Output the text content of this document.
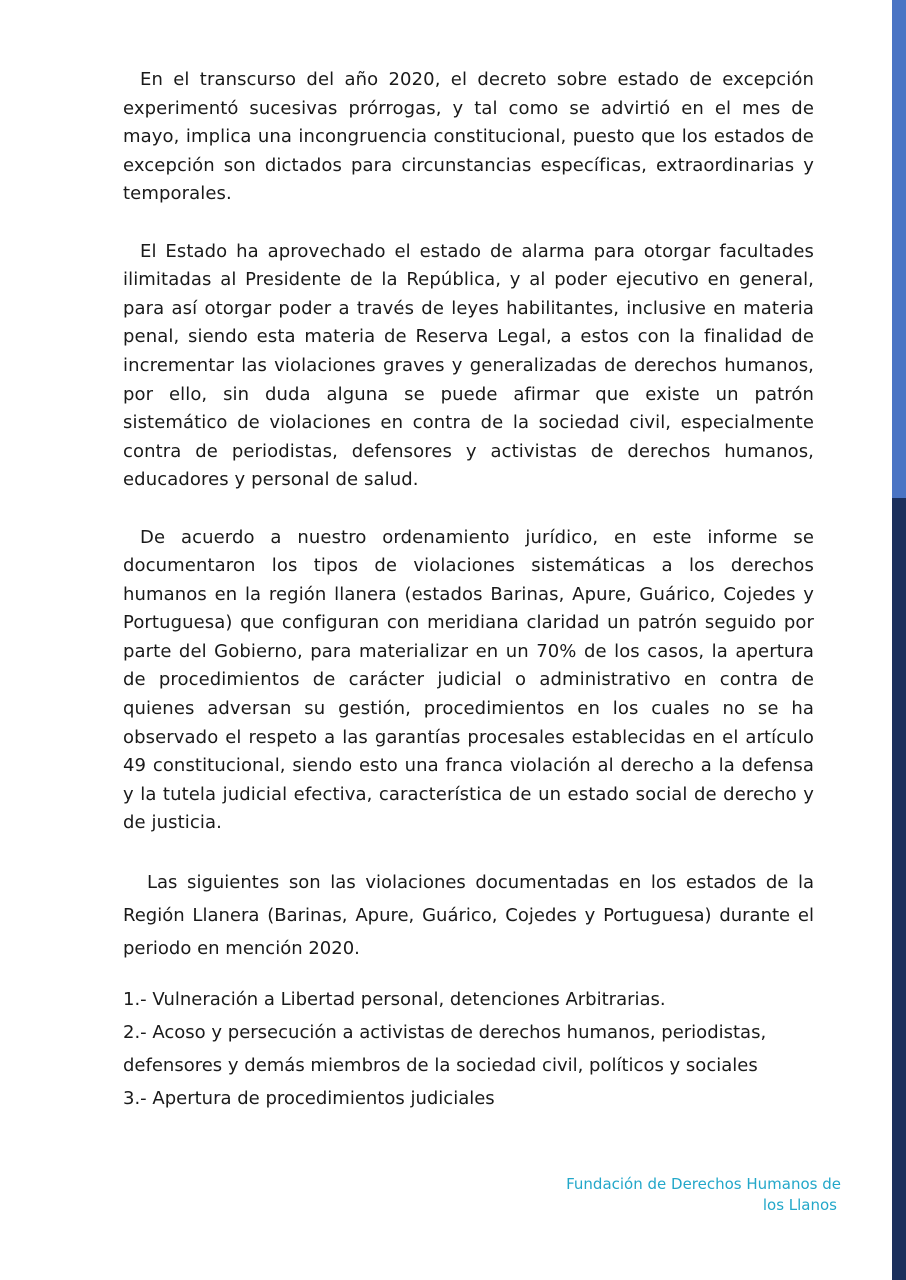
En el transcurso del año 2020, el decreto sobre estado de excepción experimentó sucesivas prórrogas, y tal como se advirtió en el mes de mayo, implica una incongruencia constitucional, puesto que los estados de excepción son dictados para circunstancias específicas, extraordinarias y temporales.

El Estado ha aprovechado el estado de alarma para otorgar facultades ilimitadas al Presidente de la República, y al poder ejecutivo en general, para así otorgar poder a través de leyes habilitantes, inclusive en materia penal, siendo esta materia de Reserva Legal, a estos con la finalidad de incrementar las violaciones graves y generalizadas de derechos humanos, por ello, sin duda alguna se puede afirmar que existe un patrón sistemático de violaciones en contra de la sociedad civil, especialmente contra de periodistas, defensores y activistas de derechos humanos, educadores y personal de salud.

De acuerdo a nuestro ordenamiento jurídico, en este informe se documentaron los tipos de violaciones sistemáticas a los derechos humanos en la región llanera (estados Barinas, Apure, Guárico, Cojedes y Portuguesa) que configuran con meridiana claridad un patrón seguido por parte del Gobierno, para materializar en un 70% de los casos, la apertura de procedimientos de carácter judicial o administrativo en contra de quienes adversan su gestión, procedimientos en los cuales no se ha observado el respeto a las garantías procesales establecidas en el artículo 49 constitucional, siendo esto una franca violación al derecho a la defensa y la tutela judicial efectiva, característica de un estado social de derecho y de justicia.

Las siguientes son las violaciones documentadas en los estados de la Región Llanera (Barinas, Apure, Guárico, Cojedes y Portuguesa) durante el periodo en mención 2020.

1.- Vulneración a Libertad personal, detenciones Arbitrarias.
2.- Acoso y persecución a activistas de derechos humanos, periodistas, defensores y demás miembros de la sociedad civil, políticos y sociales
3.- Apertura de procedimientos judiciales
Fundación de Derechos Humanos de
los Llanos
